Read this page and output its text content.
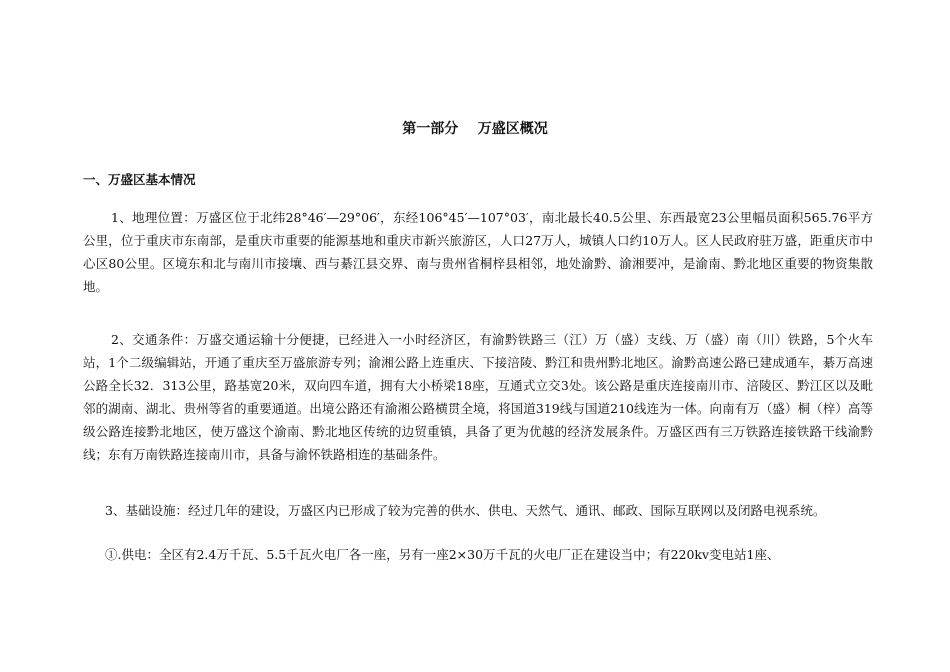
第一部分    万盛区概况
一、万盛区基本情况

1、地理位置：万盛区位于北纬28°46′—29°06′，东经106°45′—107°03′，南北最长40.5公里、东西最宽23公里幅员面积565.76平方公里，位于重庆市东南部，是重庆市重要的能源基地和重庆市新兴旅游区，人口27万人，城镇人口约10万人。区人民政府驻万盛，距重庆市中心区80公里。区境东和北与南川市接壤、西与綦江县交界、南与贵州省桐梓县相邻，地处渝黔、渝湘要冲，是渝南、黔北地区重要的物资集散地。

2、交通条件：万盛交通运输十分便捷，已经进入一小时经济区，有渝黔铁路三（江）万（盛）支线、万（盛）南（川）铁路，5个火车站，1个二级编辑站，开通了重庆至万盛旅游专列；渝湘公路上连重庆、下接涪陵、黔江和贵州黔北地区。渝黔高速公路已建成通车，綦万高速公路全长32．313公里，路基宽20米，双向四车道，拥有大小桥梁18座，互通式立交3处。该公路是重庆连接南川市、涪陵区、黔江区以及毗邻的湖南、湖北、贵州等省的重要通道。出境公路还有渝湘公路横贯全境，将国道319线与国道210线连为一体。向南有万（盛）桐（梓）高等级公路连接黔北地区，使万盛这个渝南、黔北地区传统的边贸重镇，具备了更为优越的经济发展条件。万盛区西有三万铁路连接铁路干线渝黔线；东有万南铁路连接南川市，具备与渝怀铁路相连的基础条件。

3、基础设施：经过几年的建设，万盛区内已形成了较为完善的供水、供电、天然气、通讯、邮政、国际互联网以及闭路电视系统。

①.供电：全区有2.4万千瓦、5.5千瓦火电厂各一座，另有一座2×30万千瓦的火电厂正在建设当中；有220kv变电站1座、
